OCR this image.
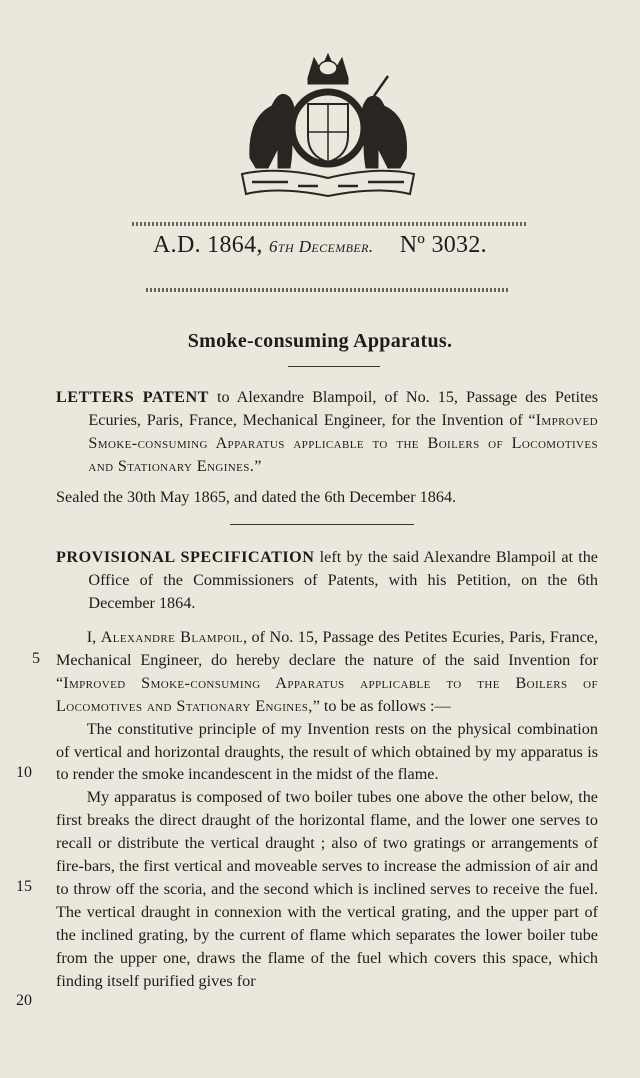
A.D. 1864, 6th December. Nº 3032.
Smoke-consuming Apparatus.

LETTERS PATENT to Alexandre Blampoil, of No. 15, Passage des Petites Ecuries, Paris, France, Mechanical Engineer, for the Invention of “Improved Smoke-consuming Apparatus applicable to the Boilers of Locomotives and Stationary Engines.”

Sealed the 30th May 1865, and dated the 6th December 1864.

PROVISIONAL SPECIFICATION left by the said Alexandre Blampoil at the Office of the Commissioners of Patents, with his Petition, on the 6th December 1864.

I, Alexandre Blampoil, of No. 15, Passage des Petites Ecuries, Paris, France, Mechanical Engineer, do hereby declare the nature of the said Invention for “Improved Smoke-consuming Apparatus applicable to the Boilers of Locomotives and Stationary Engines,” to be as follows :—

The constitutive principle of my Invention rests on the physical combination of vertical and horizontal draughts, the result of which obtained by my apparatus is to render the smoke incandescent in the midst of the flame.

My apparatus is composed of two boiler tubes one above the other below, the first breaks the direct draught of the horizontal flame, and the lower one serves to recall or distribute the vertical draught ; also of two gratings or arrangements of fire-bars, the first vertical and moveable serves to increase the admission of air and to throw off the scoria, and the second which is inclined serves to receive the fuel. The vertical draught in connexion with the vertical grating, and the upper part of the inclined grating, by the current of flame which separates the lower boiler tube from the upper one, draws the flame of the fuel which covers this space, which finding itself purified gives for

5
10
15
20
